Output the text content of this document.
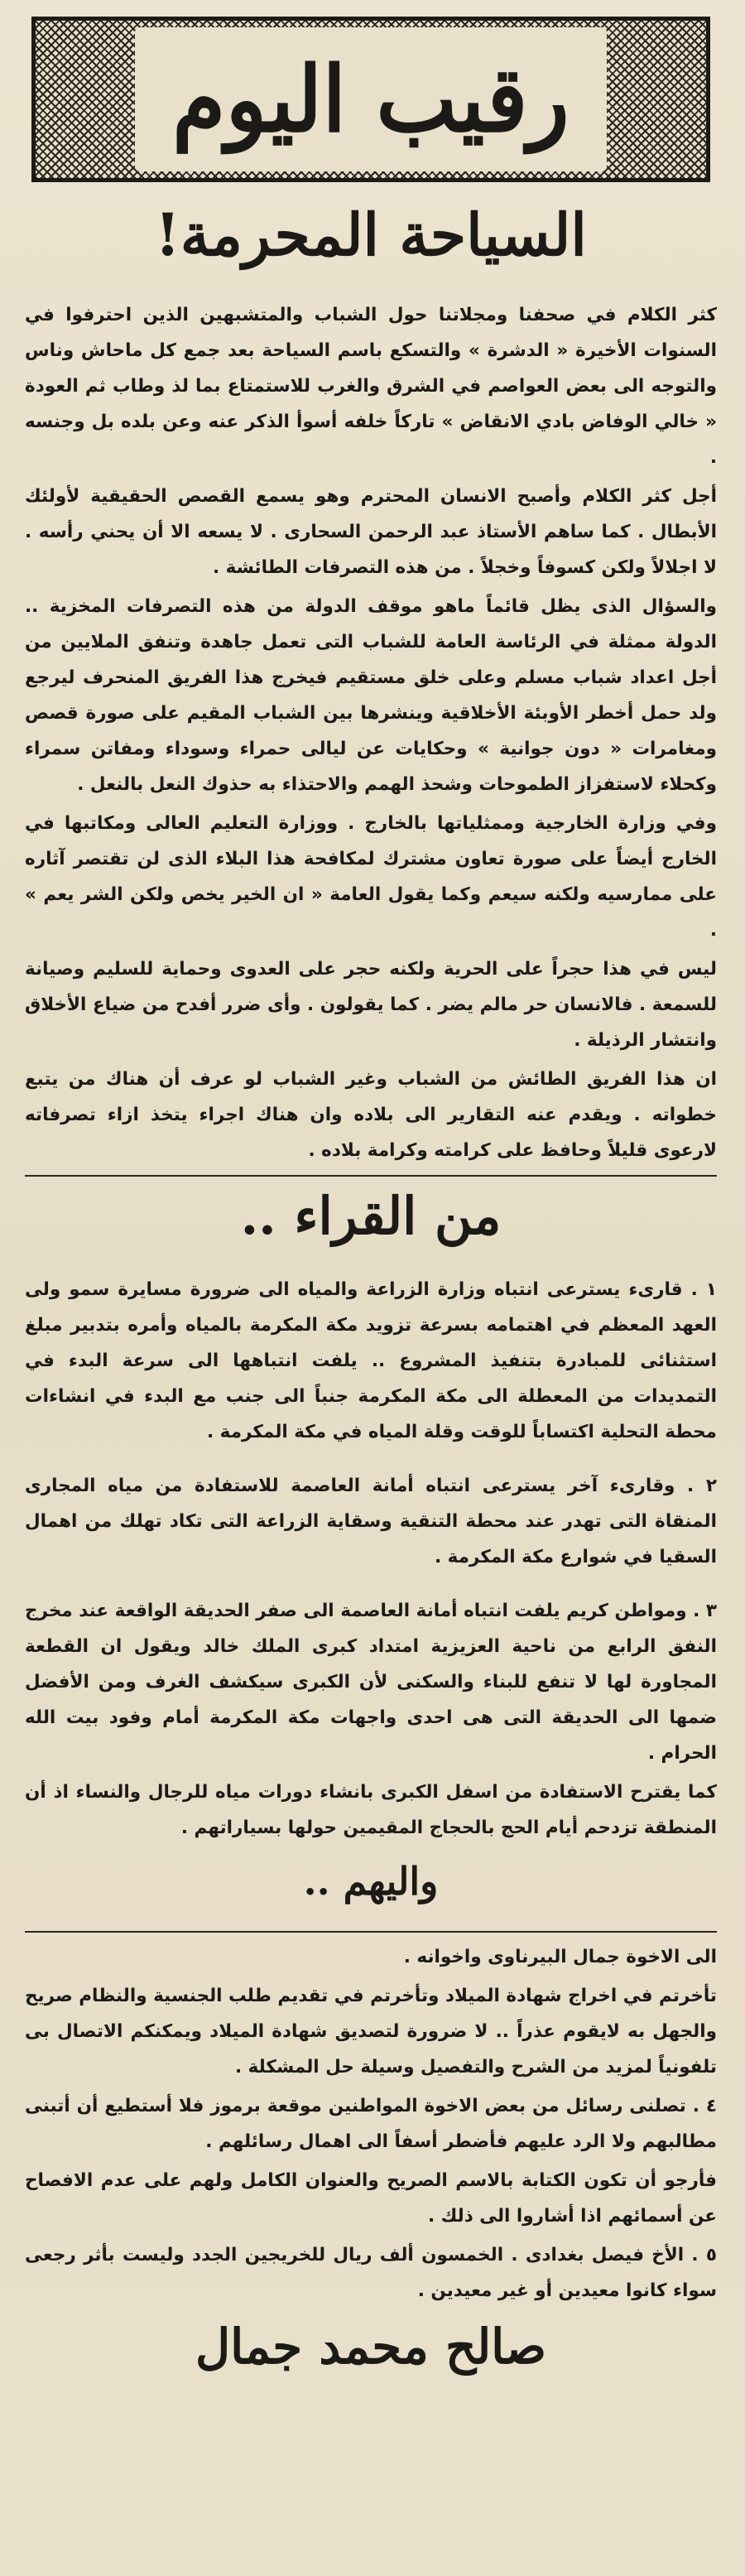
رقيب اليوم
السياحة المحرمة!

كثر الكلام في صحفنا ومجلاتنا حول الشباب والمتشبهين الذين احترفوا في السنوات الأخيرة « الدشرة » والتسكع باسم السياحة بعد جمع كل ماحاش وناس والتوجه الى بعض العواصم في الشرق والغرب للاستمتاع بما لذ وطاب ثم العودة « خالي الوفاض بادي الانقاض » تاركاً خلفه أسوأ الذكر عنه وعن بلده بل وجنسه .

أجل كثر الكلام وأصبح الانسان المحترم وهو يسمع القصص الحقيقية لأولئك الأبطال . كما ساهم الأستاذ عبد الرحمن السحارى . لا يسعه الا أن يحني رأسه . لا اجلالاً ولكن كسوفاً وخجلاً . من هذه التصرفات الطائشة .

والسؤال الذى يظل قائماً ماهو موقف الدولة من هذه التصرفات المخزية .. الدولة ممثلة في الرئاسة العامة للشباب التى تعمل جاهدة وتنفق الملايين من أجل اعداد شباب مسلم وعلى خلق مستقيم فيخرج هذا الفريق المنحرف ليرجع ولد حمل أخطر الأوبئة الأخلاقية وينشرها بين الشباب المقيم على صورة قصص ومغامرات « دون جوانية » وحكايات عن ليالى حمراء وسوداء ومفاتن سمراء وكحلاء لاستفزاز الطموحات وشحذ الهمم والاحتذاء به حذوك النعل بالنعل .

وفي وزارة الخارجية وممثلياتها بالخارج . ووزارة التعليم العالى ومكاتبها في الخارج أيضاً على صورة تعاون مشترك لمكافحة هذا البلاء الذى لن تقتصر آثاره على ممارسيه ولكنه سيعم وكما يقول العامة « ان الخير يخص ولكن الشر يعم » .

ليس في هذا حجراً على الحرية ولكنه حجر على العدوى وحماية للسليم وصيانة للسمعة . فالانسان حر مالم يضر . كما يقولون . وأى ضرر أفدح من ضياع الأخلاق وانتشار الرذيلة .

ان هذا الفريق الطائش من الشباب وغير الشباب لو عرف أن هناك من يتبع خطواته . ويقدم عنه التقارير الى بلاده وان هناك اجراء يتخذ ازاء تصرفاته لارعوى قليلاً وحافظ على كرامته وكرامة بلاده .

من القراء ..

١ . قارىء يسترعى انتباه وزارة الزراعة والمياه الى ضرورة مسايرة سمو ولى العهد المعظم في اهتمامه بسرعة تزويد مكة المكرمة بالمياه وأمره بتدبير مبلغ استثنائى للمبادرة بتنفيذ المشروع .. يلفت انتباهها الى سرعة البدء في التمديدات من المعطلة الى مكة المكرمة جنباً الى جنب مع البدء في انشاءات محطة التحلية اكتساباً للوقت وقلة المياه في مكة المكرمة .

٢ . وقارىء آخر يسترعى انتباه أمانة العاصمة للاستفادة من مياه المجارى المنقاة التى تهدر عند محطة التنقية وسقاية الزراعة التى تكاد تهلك من اهمال السقيا في شوارع مكة المكرمة .

٣ . ومواطن كريم يلفت انتباه أمانة العاصمة الى صفر الحديقة الواقعة عند مخرج النفق الرابع من ناحية العزيزية امتداد كبرى الملك خالد ويقول ان القطعة المجاورة لها لا تنفع للبناء والسكنى لأن الكبرى سيكشف الغرف ومن الأفضل ضمها الى الحديقة التى هى احدى واجهات مكة المكرمة أمام وفود بيت الله الحرام .

كما يقترح الاستفادة من اسفل الكبرى بانشاء دورات مياه للرجال والنساء اذ أن المنطقة تزدحم أيام الحج بالحجاج المقيمين حولها بسياراتهم .

واليهم ..

الى الاخوة جمال البيرناوى واخوانه .

تأخرتم في اخراج شهادة الميلاد وتأخرتم في تقديم طلب الجنسية والنظام صريح والجهل به لايقوم عذراً .. لا ضرورة لتصديق شهادة الميلاد ويمكنكم الاتصال بى تلفونياً لمزيد من الشرح والتفصيل وسيلة حل المشكلة .

٤ . تصلنى رسائل من بعض الاخوة المواطنين موقعة برموز فلا أستطيع أن أتبنى مطالبهم ولا الرد عليهم فأضطر أسفاً الى اهمال رسائلهم .

فأرجو أن تكون الكتابة بالاسم الصريح والعنوان الكامل ولهم على عدم الافصاح عن أسمائهم اذا أشاروا الى ذلك .

٥ . الأخ فيصل بغدادى . الخمسون ألف ريال للخريجين الجدد وليست بأثر رجعى سواء كانوا معيدين أو غير معيدين .

صالح محمد جمال
